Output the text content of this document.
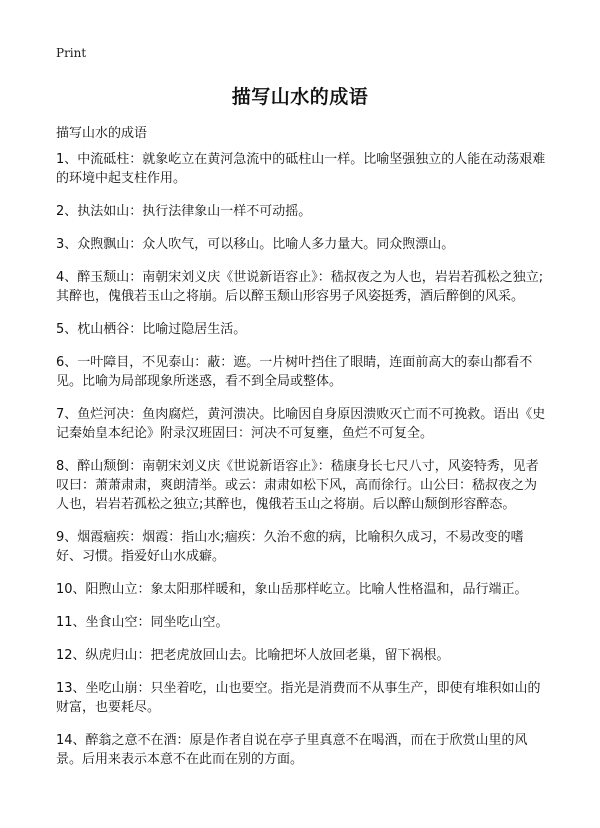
Print
描写山水的成语

描写山水的成语

1、中流砥柱：就象屹立在黄河急流中的砥柱山一样。比喻坚强独立的人能在动荡艰难的环境中起支柱作用。
2、执法如山：执行法律象山一样不可动摇。
3、众煦飘山：众人吹气，可以移山。比喻人多力量大。同众煦漂山。
4、醉玉颓山：南朝宋刘义庆《世说新语容止》：嵇叔夜之为人也，岩岩若孤松之独立;其醉也，傀俄若玉山之将崩。后以醉玉颓山形容男子风姿挺秀，酒后醉倒的风采。
5、枕山栖谷：比喻过隐居生活。
6、一叶障目，不见泰山：蔽：遮。一片树叶挡住了眼睛，连面前高大的泰山都看不见。比喻为局部现象所迷惑，看不到全局或整体。
7、鱼烂河决：鱼肉腐烂，黄河溃决。比喻因自身原因溃败灭亡而不可挽救。语出《史记秦始皇本纪论》附录汉班固曰：河决不可复壅，鱼烂不可复全。
8、醉山颓倒：南朝宋刘义庆《世说新语容止》：嵇康身长七尺八寸，风姿特秀，见者叹曰：萧萧肃肃，爽朗清举。或云：肃肃如松下风，高而徐行。山公曰：嵇叔夜之为人也，岩岩若孤松之独立;其醉也，傀俄若玉山之将崩。后以醉山颓倒形容醉态。
9、烟霞痼疾：烟霞：指山水;痼疾：久治不愈的病，比喻积久成习，不易改变的嗜好、习惯。指爱好山水成癖。
10、阳煦山立：象太阳那样暖和，象山岳那样屹立。比喻人性格温和，品行端正。
11、坐食山空：同坐吃山空。
12、纵虎归山：把老虎放回山去。比喻把坏人放回老巢，留下祸根。
13、坐吃山崩：只坐着吃，山也要空。指光是消费而不从事生产，即使有堆积如山的财富，也要耗尽。
14、醉翁之意不在酒：原是作者自说在亭子里真意不在喝酒，而在于欣赏山里的风景。后用来表示本意不在此而在别的方面。
